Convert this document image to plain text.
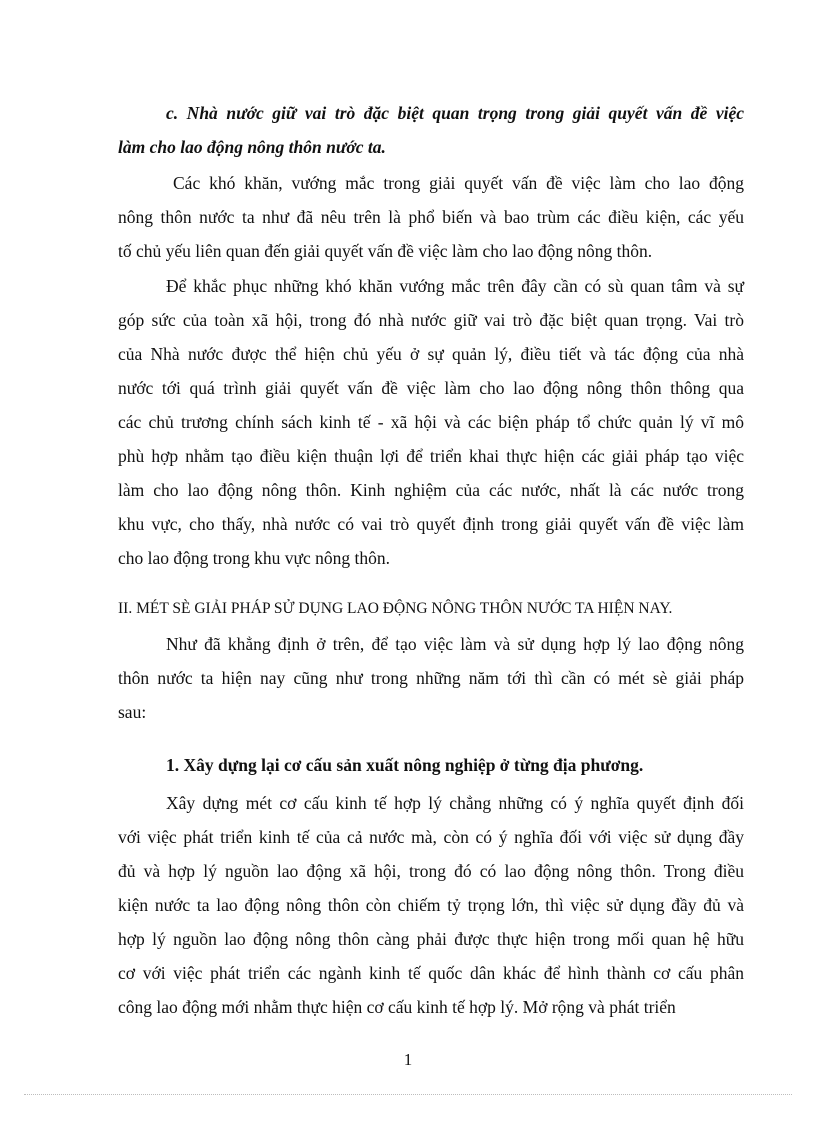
c. Nhà nước giữ vai trò đặc biệt quan trọng trong giải quyết vấn đề việc

làm cho lao động nông thôn nước ta.

Các khó khăn, vướng mắc trong giải quyết vấn đề việc làm cho lao động

nông thôn nước ta như đã nêu trên là phổ biến và bao trùm các điều kiện, các yếu

tố chủ yếu liên quan đến giải quyết vấn đề việc làm cho lao động nông thôn.

Để khắc phục những khó khăn vướng mắc trên đây cần có sù quan tâm và sự

góp sức của toàn xã hội, trong đó nhà nước giữ vai trò đặc biệt quan trọng. Vai trò

của Nhà nước được thể hiện chủ yếu ở sự quản lý, điều tiết và tác động của nhà

nước tới quá trình giải quyết vấn đề việc làm cho lao động nông thôn thông qua

các chủ trương chính sách kinh tế - xã hội và các biện pháp tổ chức quản lý vĩ mô

phù hợp nhằm tạo điều kiện thuận lợi để triển khai thực hiện các giải pháp tạo việc

làm cho lao động nông thôn. Kinh nghiệm của các nước, nhất là các nước trong

khu vực, cho thấy, nhà nước có vai trò quyết định trong giải quyết vấn đề việc làm

cho lao động trong khu vực nông thôn.

II. MÉT SÈ GIẢI PHÁP SỬ DỤNG LAO ĐỘNG NÔNG THÔN NƯỚC TA HIỆN NAY.

Như đã khẳng định ở trên, để tạo việc làm và sử dụng hợp lý lao động nông

thôn nước ta hiện nay cũng như trong những năm tới thì cần có mét sè giải pháp

sau:

1. Xây dựng lại cơ cấu sản xuất nông nghiệp ở từng địa phương.

Xây dựng mét cơ cấu kinh tế hợp lý chẳng những có ý nghĩa quyết định đối

với việc phát triển kinh tế của cả nước mà, còn có ý nghĩa đối với việc sử dụng đầy

đủ và hợp lý nguồn lao động xã hội, trong đó có lao động nông thôn. Trong điều

kiện nước ta lao động nông thôn còn chiếm tỷ trọng lớn, thì việc sử dụng đầy đủ và

hợp lý nguồn lao động nông thôn càng phải được thực hiện trong mối quan hệ hữu

cơ với việc phát triển các ngành kinh tế quốc dân khác để hình thành cơ cấu phân

công lao động mới nhằm thực hiện cơ cấu kinh tế hợp lý. Mở rộng và phát triển

1
